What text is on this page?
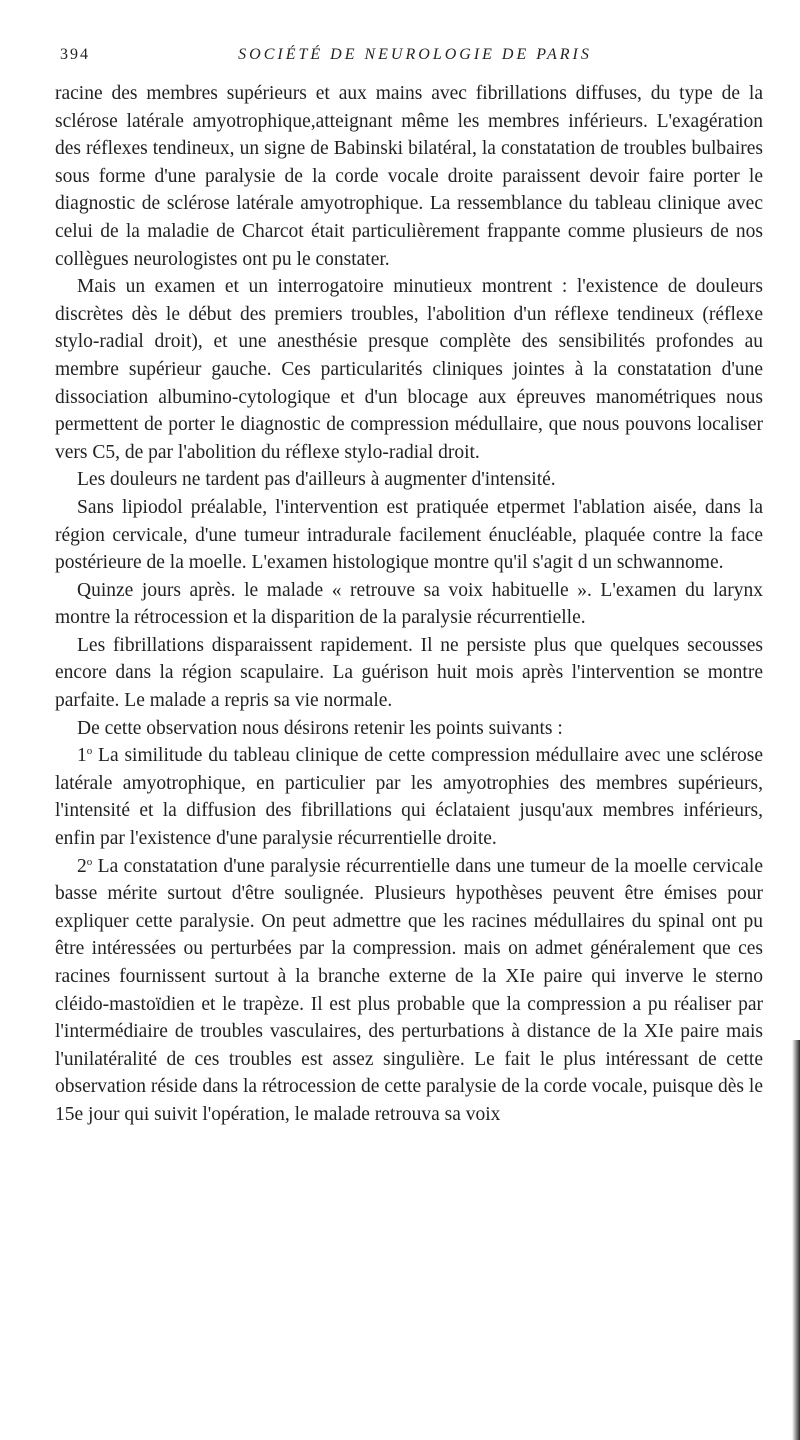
394	SOCIÉTÉ DE NEUROLOGIE DE PARIS

racine des membres supérieurs et aux mains avec fibrillations diffuses, du type de la sclérose latérale amyotrophique,atteignant même les membres inférieurs. L'exagération des réflexes tendineux, un signe de Babinski bilatéral, la constatation de troubles bulbaires sous forme d'une paralysie de la corde vocale droite paraissent devoir faire porter le diagnostic de sclérose latérale amyotrophique. La ressemblance du tableau clinique avec celui de la maladie de Charcot était particulièrement frappante comme plusieurs de nos collègues neurologistes ont pu le constater.

Mais un examen et un interrogatoire minutieux montrent : l'existence de douleurs discrètes dès le début des premiers troubles, l'abolition d'un réflexe tendineux (réflexe stylo-radial droit), et une anesthésie presque complète des sensibilités profondes au membre supérieur gauche. Ces particularités cliniques jointes à la constatation d'une dissociation albumino-cytologique et d'un blocage aux épreuves manométriques nous permettent de porter le diagnostic de compression médullaire, que nous pouvons localiser vers C5, de par l'abolition du réflexe stylo-radial droit.

Les douleurs ne tardent pas d'ailleurs à augmenter d'intensité.

Sans lipiodol préalable, l'intervention est pratiquée etpermet l'ablation aisée, dans la région cervicale, d'une tumeur intradurale facilement énucléable, plaquée contre la face postérieure de la moelle. L'examen histologique montre qu'il s'agit d un schwannome.

Quinze jours après. le malade « retrouve sa voix habituelle ». L'examen du larynx montre la rétrocession et la disparition de la paralysie récurrentielle.

Les fibrillations disparaissent rapidement. Il ne persiste plus que quelques secousses encore dans la région scapulaire. La guérison huit mois après l'intervention se montre parfaite. Le malade a repris sa vie normale.

De cette observation nous désirons retenir les points suivants :

1$^o$ La similitude du tableau clinique de cette compression médullaire avec une sclérose latérale amyotrophique, en particulier par les amyotrophies des membres supérieurs, l'intensité et la diffusion des fibrillations qui éclataient jusqu'aux membres inférieurs, enfin par l'existence d'une paralysie récurrentielle droite.

2$^o$ La constatation d'une paralysie récurrentielle dans une tumeur de la moelle cervicale basse mérite surtout d'être soulignée. Plusieurs hypothèses peuvent être émises pour expliquer cette paralysie. On peut admettre que les racines médullaires du spinal ont pu être intéressées ou perturbées par la compression. mais on admet généralement que ces racines fournissent surtout à la branche externe de la XIe paire qui inverve le sterno cléido-mastoïdien et le trapèze. Il est plus probable que la compression a pu réaliser par l'intermédiaire de troubles vasculaires, des perturbations à distance de la XIe paire mais l'unilatéralité de ces troubles est assez singulière. Le fait le plus intéressant de cette observation réside dans la rétrocession de cette paralysie de la corde vocale, puisque dès le 15e jour qui suivit l'opération, le malade retrouva sa voix
